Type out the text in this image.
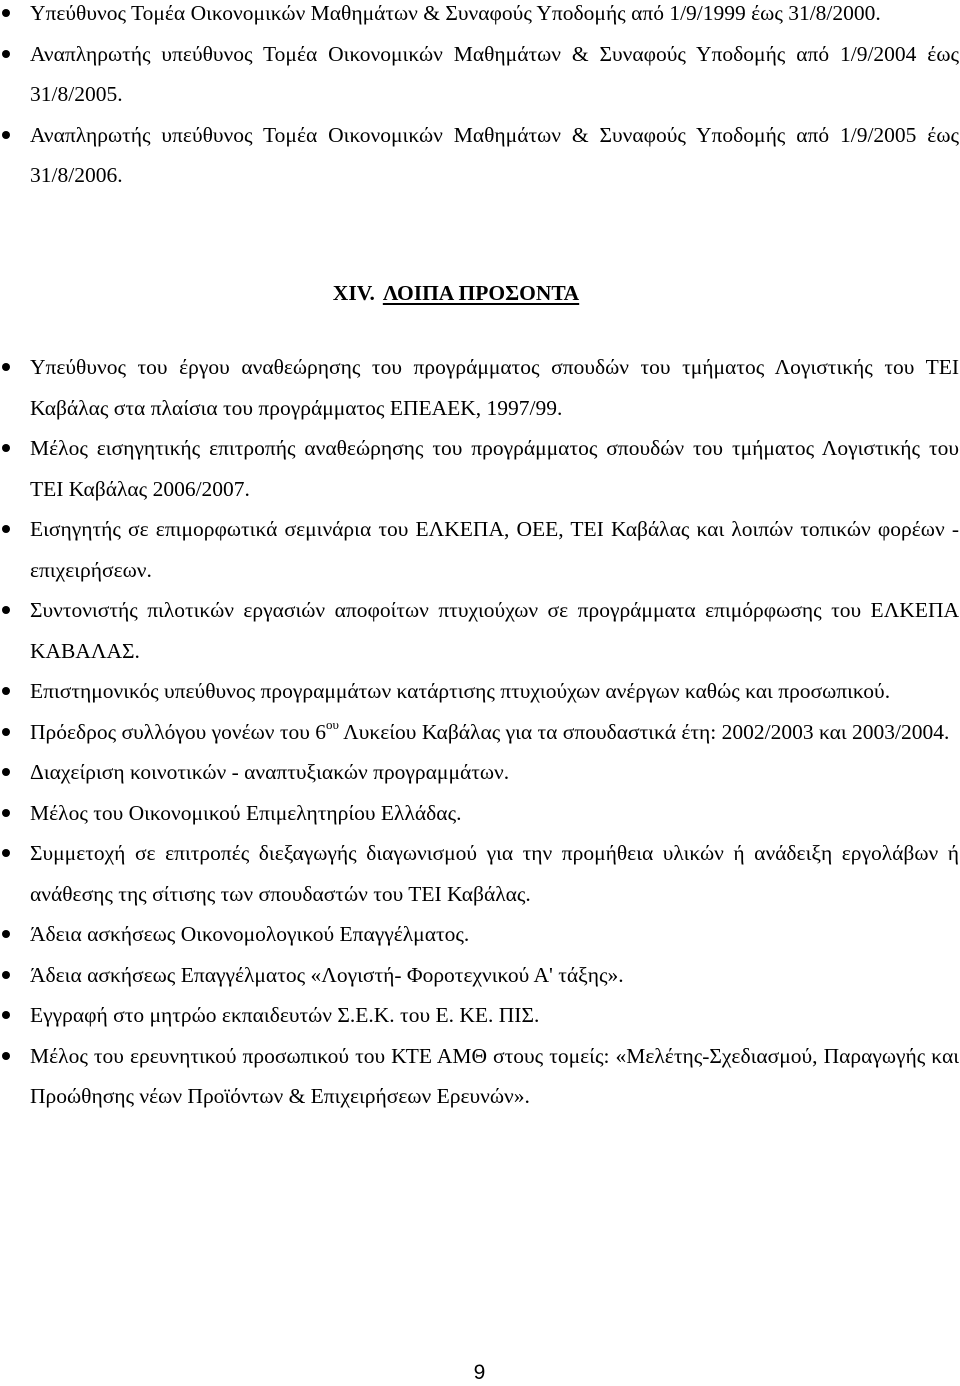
Υπεύθυνος Τομέα Οικονομικών Μαθημάτων & Συναφούς Υποδομής από 1/9/1999 έως 31/8/2000.
Αναπληρωτής υπεύθυνος Τομέα Οικονομικών Μαθημάτων & Συναφούς Υποδομής από 1/9/2004 έως 31/8/2005.
Αναπληρωτής υπεύθυνος Τομέα Οικονομικών Μαθημάτων & Συναφούς Υποδομής από 1/9/2005 έως 31/8/2006.
XIV. ΛΟΙΠΑ ΠΡΟΣΟΝΤΑ
Υπεύθυνος του έργου αναθεώρησης του προγράμματος σπουδών του τμήματος Λογιστικής του ΤΕΙ Καβάλας στα πλαίσια του προγράμματος ΕΠΕΑΕΚ, 1997/99.
Μέλος εισηγητικής επιτροπής αναθεώρησης του προγράμματος σπουδών του τμήματος Λογιστικής του ΤΕΙ Καβάλας 2006/2007.
Εισηγητής σε επιμορφωτικά σεμινάρια του ΕΛΚΕΠΑ, ΟΕΕ, ΤΕΙ Καβάλας και λοιπών τοπικών φορέων - επιχειρήσεων.
Συντονιστής πιλοτικών εργασιών αποφοίτων πτυχιούχων σε προγράμματα επιμόρφωσης του ΕΛΚΕΠΑ ΚΑΒΑΛΑΣ.
Επιστημονικός υπεύθυνος προγραμμάτων κατάρτισης πτυχιούχων ανέργων καθώς και προσωπικού.
Πρόεδρος συλλόγου γονέων του $6^{o\upsilon}$ Λυκείου Καβάλας για τα σπουδαστικά έτη: 2002/2003 και 2003/2004.
Διαχείριση κοινοτικών - αναπτυξιακών προγραμμάτων.
Μέλος του Οικονομικού Επιμελητηρίου Ελλάδας.
Συμμετοχή σε επιτροπές διεξαγωγής διαγωνισμού για την προμήθεια υλικών ή ανάδειξη εργολάβων ή ανάθεσης της σίτισης των σπουδαστών του ΤΕΙ Καβάλας.
Άδεια ασκήσεως Οικονομολογικού Επαγγέλματος.
Άδεια ασκήσεως Επαγγέλματος «Λογιστή- Φοροτεχνικού Α' τάξης».
Εγγραφή στο μητρώο εκπαιδευτών Σ.Ε.Κ. του Ε. ΚΕ. ΠΙΣ.
Μέλος του ερευνητικού προσωπικού του ΚΤΕ ΑΜΘ στους τομείς: «Μελέτης-Σχεδιασμού, Παραγωγής και Προώθησης νέων Προϊόντων & Επιχειρήσεων Ερευνών».
9
